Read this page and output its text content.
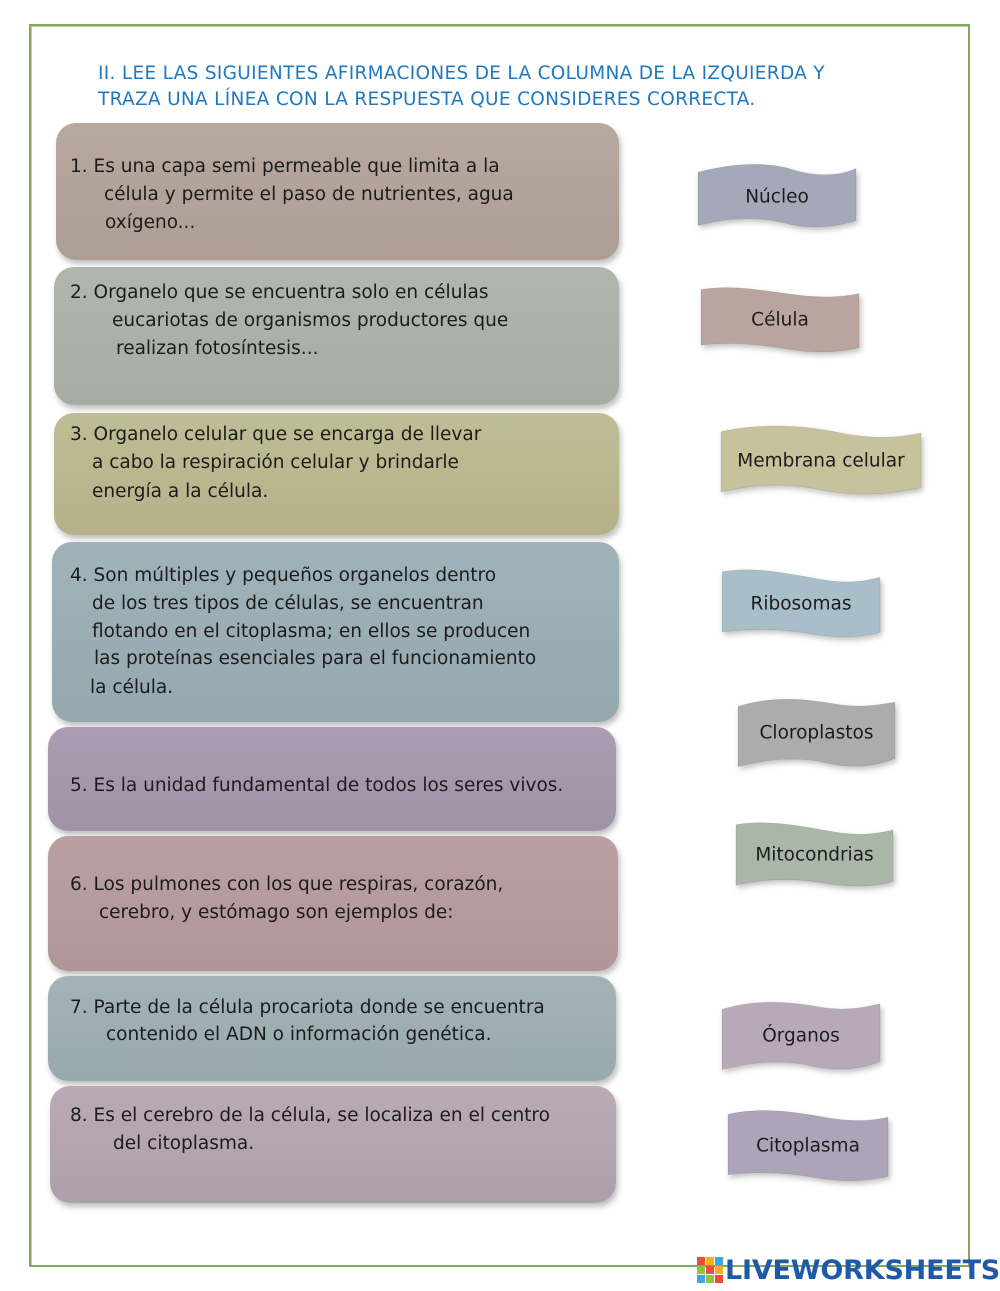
II. LEE LAS SIGUIENTES AFIRMACIONES DE LA COLUMNA DE LA IZQUIERDA Y
TRAZA UNA LÍNEA CON LA RESPUESTA QUE CONSIDERES CORRECTA.
1. Es una capa semi permeable que limita a la
célula y permite el paso de nutrientes, agua
oxígeno...
2. Organelo que se encuentra solo en células
eucariotas de organismos productores que
realizan fotosíntesis...
3. Organelo celular que se encarga de llevar
a cabo la respiración celular y brindarle
energía a la célula.
4. Son múltiples y pequeños organelos dentro
de los tres tipos de células, se encuentran
flotando en el citoplasma; en ellos se producen
las proteínas esenciales para el funcionamiento
la célula.
5. Es la unidad fundamental de todos los seres vivos.
6. Los pulmones con los que respiras, corazón,
cerebro, y estómago son ejemplos de:
7. Parte de la célula procariota donde se encuentra
contenido el ADN o información genética.
8. Es el cerebro de la célula, se localiza en el centro
del citoplasma.
Núcleo
Célula
Membrana celular
Ribosomas
Cloroplastos
Mitocondrias
Órganos
Citoplasma
LIVEWORKSHEETS
